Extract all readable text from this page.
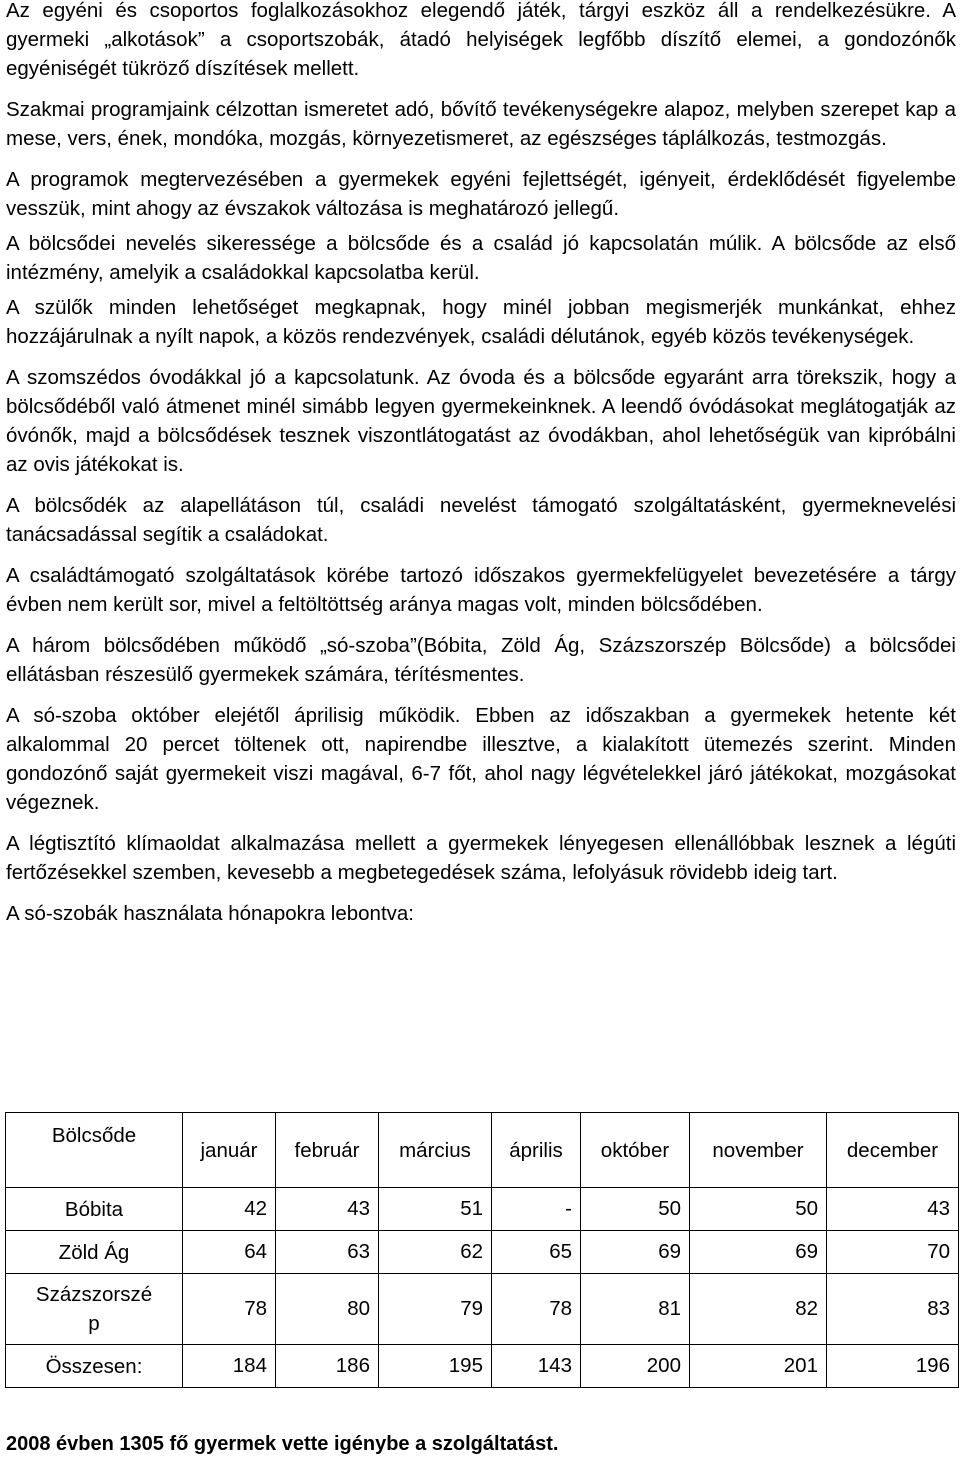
Az egyéni és csoportos foglalkozásokhoz elegendő játék, tárgyi eszköz áll a rendelkezésükre. A gyermeki „alkotások” a csoportszobák, átadó helyiségek legfőbb díszítő elemei, a gondozónők egyéniségét tükröző díszítések mellett.

Szakmai programjaink célzottan ismeretet adó, bővítő tevékenységekre alapoz, melyben szerepet kap a mese, vers, ének, mondóka, mozgás, környezetismeret, az egészséges táplálkozás, testmozgás.

A programok megtervezésében a gyermekek egyéni fejlettségét, igényeit, érdeklődését figyelembe vesszük, mint ahogy az évszakok változása is meghatározó jellegű.

A bölcsődei nevelés sikeressége a bölcsőde és a család jó kapcsolatán múlik. A bölcsőde az első intézmény, amelyik a családokkal kapcsolatba kerül.

A szülők minden lehetőséget megkapnak, hogy minél jobban megismerjék munkánkat, ehhez hozzájárulnak a nyílt napok, a közös rendezvények, családi délutánok, egyéb közös tevékenységek.

A szomszédos óvodákkal jó a kapcsolatunk. Az óvoda és a bölcsőde egyaránt arra törekszik, hogy a bölcsődéből való átmenet minél simább legyen gyermekeinknek. A leendő óvódásokat meglátogatják az óvónők, majd a bölcsődések tesznek viszontlátogatást az óvodákban, ahol lehetőségük van kipróbálni az ovis játékokat is.

A bölcsődék az alapellátáson túl, családi nevelést támogató szolgáltatásként, gyermeknevelési tanácsadással segítik a családokat.

A családtámogató szolgáltatások körébe tartozó időszakos gyermekfelügyelet bevezetésére a tárgy évben nem került sor, mivel a feltöltöttség aránya magas volt, minden bölcsődében.

A három bölcsődében működő „só-szoba”(Bóbita, Zöld Ág, Százszorszép Bölcsőde) a bölcsődei ellátásban részesülő gyermekek számára, térítésmentes.

A só-szoba október elejétől áprilisig működik. Ebben az időszakban a gyermekek hetente két alkalommal 20 percet töltenek ott, napirendbe illesztve, a kialakított ütemezés szerint. Minden gondozónő saját gyermekeit viszi magával, 6-7 főt, ahol nagy légvételekkel járó játékokat, mozgásokat végeznek.

A légtisztító klímaoldat alkalmazása mellett a gyermekek lényegesen ellenállóbbak lesznek a légúti fertőzésekkel szemben, kevesebb a megbetegedések száma, lefolyásuk rövidebb ideig tart.

A só-szobák használata hónapokra lebontva:

Bölcsőde	január	február	március	április	október	november	december
Bóbita	42	43	51	-	50	50	43
Zöld Ág	64	63	62	65	69	69	70
Százszorszép	78	80	79	78	81	82	83
Összesen:	184	186	195	143	200	201	196
2008 évben 1305 fő gyermek vette igénybe a szolgáltatást.
